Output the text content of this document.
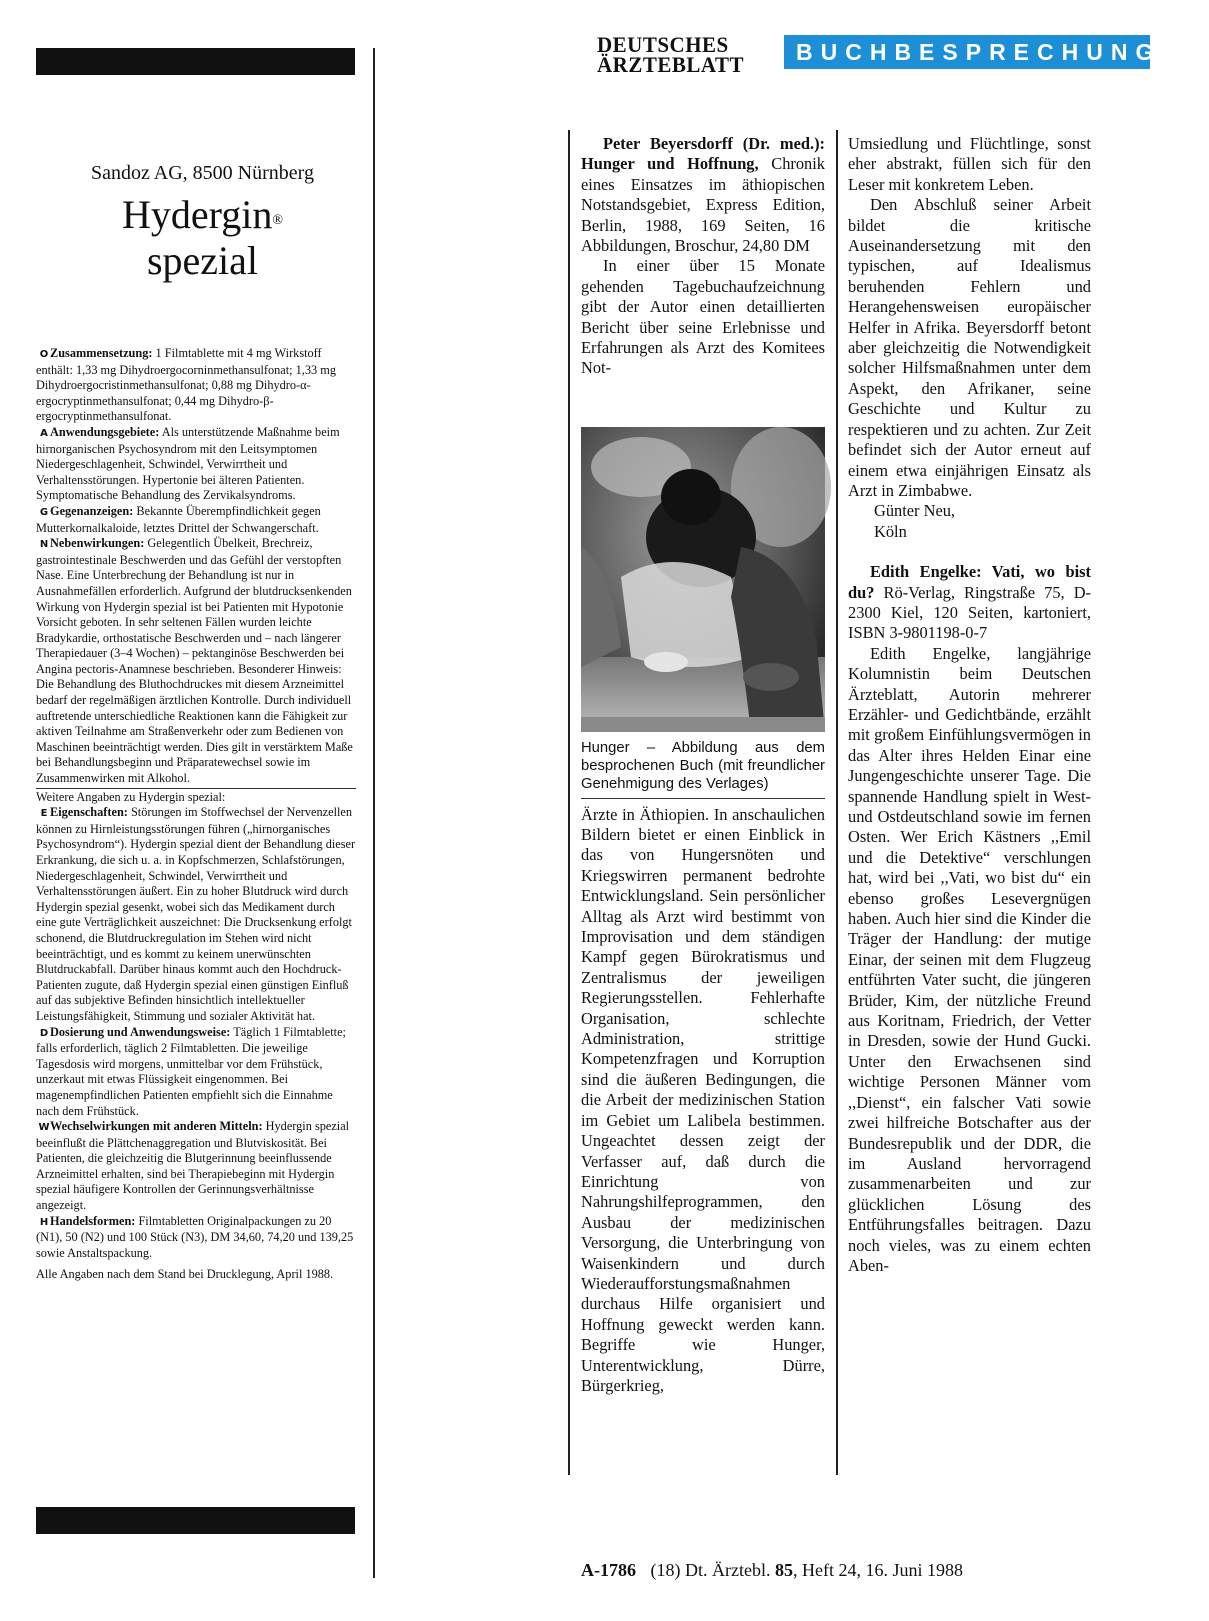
Sandoz AG, 8500 Nürnberg
Hydergin®
spezial

O Zusammensetzung: 1 Filmtablette mit 4 mg Wirkstoff enthält: 1,33 mg Dihydroergocorninmethansulfonat; 1,33 mg Dihydroergocristinmethansulfonat; 0,88 mg Dihydro-α-ergocryptinmethansulfonat; 0,44 mg Dihydro-β-ergocryptinmethansulfonat.

A Anwendungsgebiete: Als unterstützende Maßnahme beim hirnorganischen Psychosyndrom mit den Leitsymptomen Niedergeschlagenheit, Schwindel, Verwirrtheit und Verhaltensstörungen. Hypertonie bei älteren Patienten. Symptomatische Behandlung des Zervikalsyndroms.

G Gegenanzeigen: Bekannte Überempfindlichkeit gegen Mutterkornalkaloide, letztes Drittel der Schwangerschaft.

N Nebenwirkungen: Gelegentlich Übelkeit, Brechreiz, gastrointestinale Beschwerden und das Gefühl der verstopften Nase. Eine Unterbrechung der Behandlung ist nur in Ausnahmefällen erforderlich. Aufgrund der blutdrucksenkenden Wirkung von Hydergin spezial ist bei Patienten mit Hypotonie Vorsicht geboten. In sehr seltenen Fällen wurden leichte Bradykardie, orthostatische Beschwerden und – nach längerer Therapiedauer (3–4 Wochen) – pektanginöse Beschwerden bei Angina pectoris-Anamnese beschrieben. Besonderer Hinweis: Die Behandlung des Bluthochdruckes mit diesem Arzneimittel bedarf der regelmäßigen ärztlichen Kontrolle. Durch individuell auftretende unterschiedliche Reaktionen kann die Fähigkeit zur aktiven Teilnahme am Straßenverkehr oder zum Bedienen von Maschinen beeinträchtigt werden. Dies gilt in verstärktem Maße bei Behandlungsbeginn und Präparatewechsel sowie im Zusammenwirken mit Alkohol.

Weitere Angaben zu Hydergin spezial:

E Eigenschaften: Störungen im Stoffwechsel der Nervenzellen können zu Hirnleistungsstörungen führen („hirnorganisches Psychosyndrom“). Hydergin spezial dient der Behandlung dieser Erkrankung, die sich u. a. in Kopfschmerzen, Schlafstörungen, Niedergeschlagenheit, Schwindel, Verwirrtheit und Verhaltensstörungen äußert. Ein zu hoher Blutdruck wird durch Hydergin spezial gesenkt, wobei sich das Medikament durch eine gute Verträglichkeit auszeichnet: Die Drucksenkung erfolgt schonend, die Blutdruckregulation im Stehen wird nicht beeinträchtigt, und es kommt zu keinem unerwünschten Blutdruckabfall. Darüber hinaus kommt auch den Hochdruck-Patienten zugute, daß Hydergin spezial einen günstigen Einfluß auf das subjektive Befinden hinsichtlich intellektueller Leistungsfähigkeit, Stimmung und sozialer Aktivität hat.

D Dosierung und Anwendungsweise: Täglich 1 Filmtablette; falls erforderlich, täglich 2 Filmtabletten. Die jeweilige Tagesdosis wird morgens, unmittelbar vor dem Frühstück, unzerkaut mit etwas Flüssigkeit eingenommen. Bei magenempfindlichen Patienten empfiehlt sich die Einnahme nach dem Frühstück.

WWechselwirkungen mit anderen Mitteln: Hydergin spezial beeinflußt die Plättchenaggregation und Blutviskosität. Bei Patienten, die gleichzeitig die Blutgerinnung beeinflussende Arzneimittel erhalten, sind bei Therapiebeginn mit Hydergin spezial häufigere Kontrollen der Gerinnungsverhältnisse angezeigt.

H Handelsformen: Filmtabletten Originalpackungen zu 20 (N1), 50 (N2) und 100 Stück (N3), DM 34,60, 74,20 und 139,25 sowie Anstaltspackung.

Alle Angaben nach dem Stand bei Drucklegung, April 1988.

DEUTSCHES
ÄRZTEBLATT	BUCHBESPRECHUNGEN

Peter Beyersdorff (Dr. med.): Hunger und Hoffnung, Chronik eines Einsatzes im äthiopischen Notstandsgebiet, Express Edition, Berlin, 1988, 169 Seiten, 16 Abbildungen, Broschur, 24,80 DM

In einer über 15 Monate gehenden Tagebuchaufzeichnung gibt der Autor einen detaillierten Bericht über seine Erlebnisse und Erfahrungen als Arzt des Komitees Not-

Hunger – Abbildung aus dem besprochenen Buch (mit freundlicher Genehmigung des Verlages)

Ärzte in Äthiopien. In anschaulichen Bildern bietet er einen Einblick in das von Hungersnöten und Kriegswirren permanent bedrohte Entwicklungsland. Sein persönlicher Alltag als Arzt wird bestimmt von Improvisation und dem ständigen Kampf gegen Bürokratismus und Zentralismus der jeweiligen Regierungsstellen. Fehlerhafte Organisation, schlechte Administration, strittige Kompetenzfragen und Korruption sind die äußeren Bedingungen, die die Arbeit der medizinischen Station im Gebiet um Lalibela bestimmen. Ungeachtet dessen zeigt der Verfasser auf, daß durch die Einrichtung von Nahrungshilfeprogrammen, den Ausbau der medizinischen Versorgung, die Unterbringung von Waisenkindern und durch Wiederaufforstungsmaßnahmen durchaus Hilfe organisiert und Hoffnung geweckt werden kann. Begriffe wie Hunger, Unterentwicklung, Dürre, Bürgerkrieg,

Umsiedlung und Flüchtlinge, sonst eher abstrakt, füllen sich für den Leser mit konkretem Leben.

Den Abschluß seiner Arbeit bildet die kritische Auseinandersetzung mit den typischen, auf Idealismus beruhenden Fehlern und Herangehensweisen europäischer Helfer in Afrika. Beyersdorff betont aber gleichzeitig die Notwendigkeit solcher Hilfsmaßnahmen unter dem Aspekt, den Afrikaner, seine Geschichte und Kultur zu respektieren und zu achten. Zur Zeit befindet sich der Autor erneut auf einem etwa einjährigen Einsatz als Arzt in Zimbabwe.

Günter Neu,

Köln

Edith Engelke: Vati, wo bist du? Rö-Verlag, Ringstraße 75, D-2300 Kiel, 120 Seiten, kartoniert, ISBN 3-9801198-0-7

Edith Engelke, langjährige Kolumnistin beim Deutschen Ärzteblatt, Autorin mehrerer Erzähler- und Gedichtbände, erzählt mit großem Einfühlungsvermögen in das Alter ihres Helden Einar eine Jungengeschichte unserer Tage. Die spannende Handlung spielt in West- und Ostdeutschland sowie im fernen Osten. Wer Erich Kästners ,,Emil und die Detektive“ verschlungen hat, wird bei ,,Vati, wo bist du“ ein ebenso großes Lesevergnügen haben. Auch hier sind die Kinder die Träger der Handlung: der mutige Einar, der seinen mit dem Flugzeug entführten Vater sucht, die jüngeren Brüder, Kim, der nützliche Freund aus Koritnam, Friedrich, der Vetter in Dresden, sowie der Hund Gucki. Unter den Erwachsenen sind wichtige Personen Männer vom ,,Dienst“, ein falscher Vati sowie zwei hilfreiche Botschafter aus der Bundesrepublik und der DDR, die im Ausland hervorragend zusammenarbeiten und zur glücklichen Lösung des Entführungsfalles beitragen. Dazu noch vieles, was zu einem echten Aben-

A-1786 (18) Dt. Ärztebl. 85, Heft 24, 16. Juni 1988
